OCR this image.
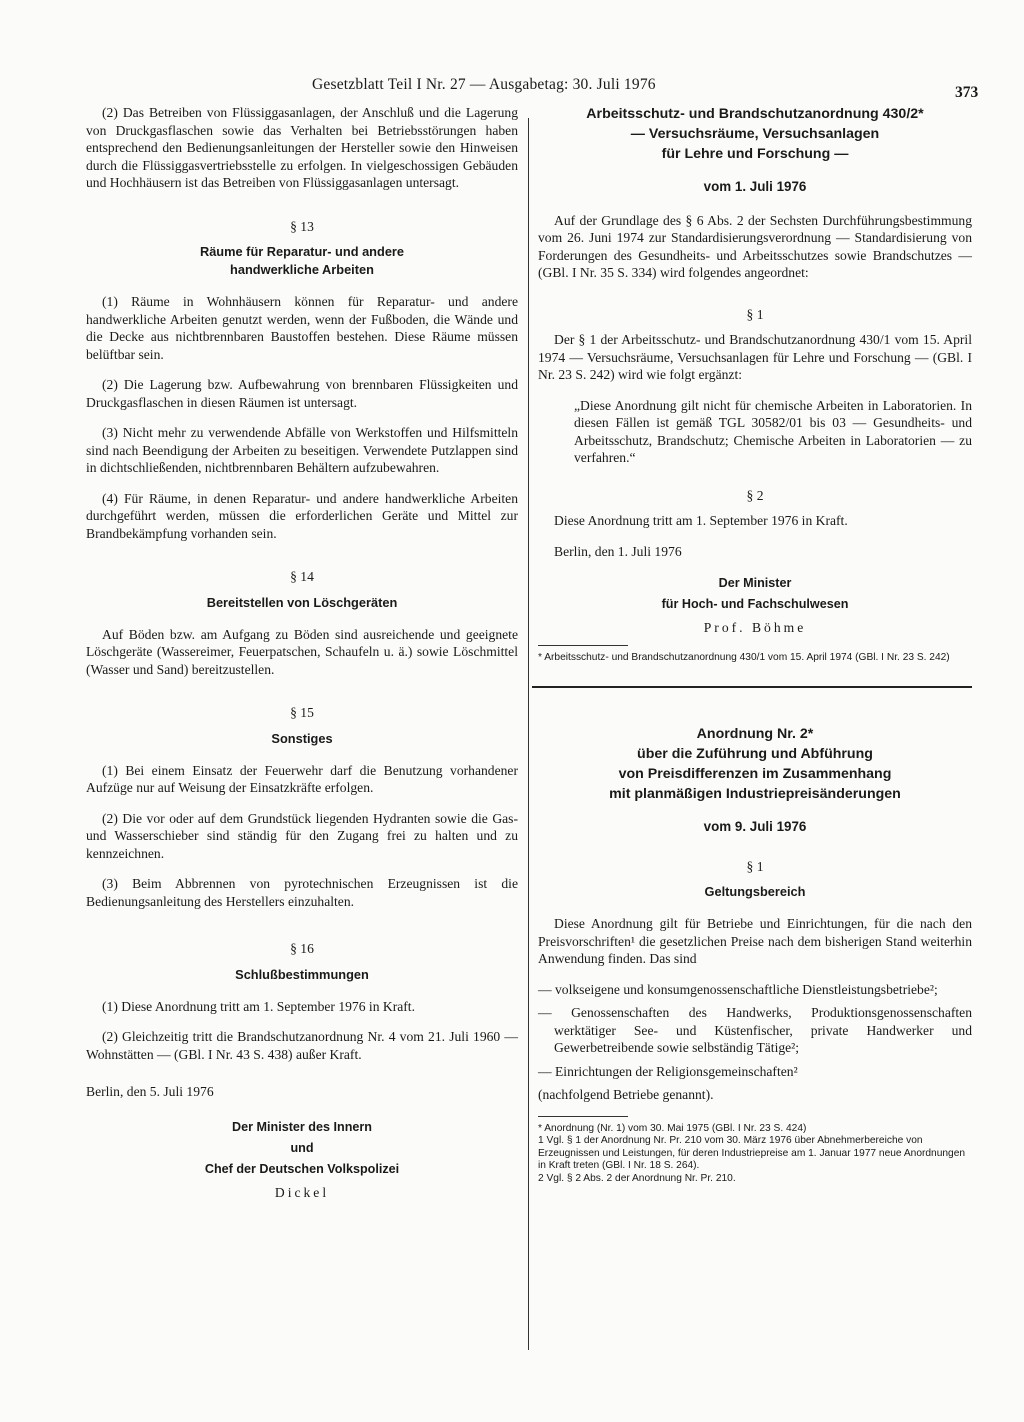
Gesetzblatt Teil I Nr. 27 — Ausgabetag: 30. Juli 1976	373

(2) Das Betreiben von Flüssiggasanlagen, der Anschluß und die Lagerung von Druckgasflaschen sowie das Verhalten bei Betriebsstörungen haben entsprechend den Bedienungsanleitungen der Hersteller sowie den Hinweisen durch die Flüssiggasvertriebsstelle zu erfolgen. In vielgeschossigen Gebäuden und Hochhäusern ist das Betreiben von Flüssiggasanlagen untersagt.

§ 13
Räume für Reparatur- und andere
handwerkliche Arbeiten

(1) Räume in Wohnhäusern können für Reparatur- und andere handwerkliche Arbeiten genutzt werden, wenn der Fußboden, die Wände und die Decke aus nichtbrennbaren Baustoffen bestehen. Diese Räume müssen belüftbar sein.

(2) Die Lagerung bzw. Aufbewahrung von brennbaren Flüssigkeiten und Druckgasflaschen in diesen Räumen ist untersagt.

(3) Nicht mehr zu verwendende Abfälle von Werkstoffen und Hilfsmitteln sind nach Beendigung der Arbeiten zu beseitigen. Verwendete Putzlappen sind in dichtschließenden, nichtbrennbaren Behältern aufzubewahren.

(4) Für Räume, in denen Reparatur- und andere handwerkliche Arbeiten durchgeführt werden, müssen die erforderlichen Geräte und Mittel zur Brandbekämpfung vorhanden sein.

§ 14
Bereitstellen von Löschgeräten

Auf Böden bzw. am Aufgang zu Böden sind ausreichende und geeignete Löschgeräte (Wassereimer, Feuerpatschen, Schaufeln u. ä.) sowie Löschmittel (Wasser und Sand) bereitzustellen.

§ 15
Sonstiges

(1) Bei einem Einsatz der Feuerwehr darf die Benutzung vorhandener Aufzüge nur auf Weisung der Einsatzkräfte erfolgen.

(2) Die vor oder auf dem Grundstück liegenden Hydranten sowie die Gas- und Wasserschieber sind ständig für den Zugang frei zu halten und zu kennzeichnen.

(3) Beim Abbrennen von pyrotechnischen Erzeugnissen ist die Bedienungsanleitung des Herstellers einzuhalten.

§ 16
Schlußbestimmungen

(1) Diese Anordnung tritt am 1. September 1976 in Kraft.

(2) Gleichzeitig tritt die Brandschutzanordnung Nr. 4 vom 21. Juli 1960 — Wohnstätten — (GBl. I Nr. 43 S. 438) außer Kraft.

Berlin, den 5. Juli 1976

Der Minister des Innern
und
Chef der Deutschen Volkspolizei
Dickel
Arbeitsschutz- und Brandschutzanordnung 430/2*
— Versuchsräume, Versuchsanlagen
für Lehre und Forschung —
vom 1. Juli 1976

Auf der Grundlage des § 6 Abs. 2 der Sechsten Durchführungsbestimmung vom 26. Juni 1974 zur Standardisierungsverordnung — Standardisierung von Forderungen des Gesundheits- und Arbeitsschutzes sowie Brandschutzes — (GBl. I Nr. 35 S. 334) wird folgendes angeordnet:

§ 1

Der § 1 der Arbeitsschutz- und Brandschutzanordnung 430/1 vom 15. April 1974 — Versuchsräume, Versuchsanlagen für Lehre und Forschung — (GBl. I Nr. 23 S. 242) wird wie folgt ergänzt:

„Diese Anordnung gilt nicht für chemische Arbeiten in Laboratorien. In diesen Fällen ist gemäß TGL 30582/01 bis 03 — Gesundheits- und Arbeitsschutz, Brandschutz; Chemische Arbeiten in Laboratorien — zu verfahren.“

§ 2

Diese Anordnung tritt am 1. September 1976 in Kraft.

Berlin, den 1. Juli 1976

Der Minister
für Hoch- und Fachschulwesen
Prof. Böhme

* Arbeitsschutz- und Brandschutzanordnung 430/1 vom 15. April 1974 (GBl. I Nr. 23 S. 242)

Anordnung Nr. 2*
über die Zuführung und Abführung
von Preisdifferenzen im Zusammenhang
mit planmäßigen Industriepreisänderungen
vom 9. Juli 1976
§ 1
Geltungsbereich

Diese Anordnung gilt für Betriebe und Einrichtungen, für die nach den Preisvorschriften¹ die gesetzlichen Preise nach dem bisherigen Stand weiterhin Anwendung finden. Das sind

— volkseigene und konsumgenossenschaftliche Dienstleistungsbetriebe²;

— Genossenschaften des Handwerks, Produktionsgenossenschaften werktätiger See- und Küstenfischer, private Handwerker und Gewerbetreibende sowie selbständig Tätige²;

— Einrichtungen der Religionsgemeinschaften²

(nachfolgend Betriebe genannt).

* Anordnung (Nr. 1) vom 30. Mai 1975 (GBl. I Nr. 23 S. 424)

1 Vgl. § 1 der Anordnung Nr. Pr. 210 vom 30. März 1976 über Abnehmerbereiche von Erzeugnissen und Leistungen, für deren Industriepreise am 1. Januar 1977 neue Anordnungen in Kraft treten (GBl. I Nr. 18 S. 264).

2 Vgl. § 2 Abs. 2 der Anordnung Nr. Pr. 210.
